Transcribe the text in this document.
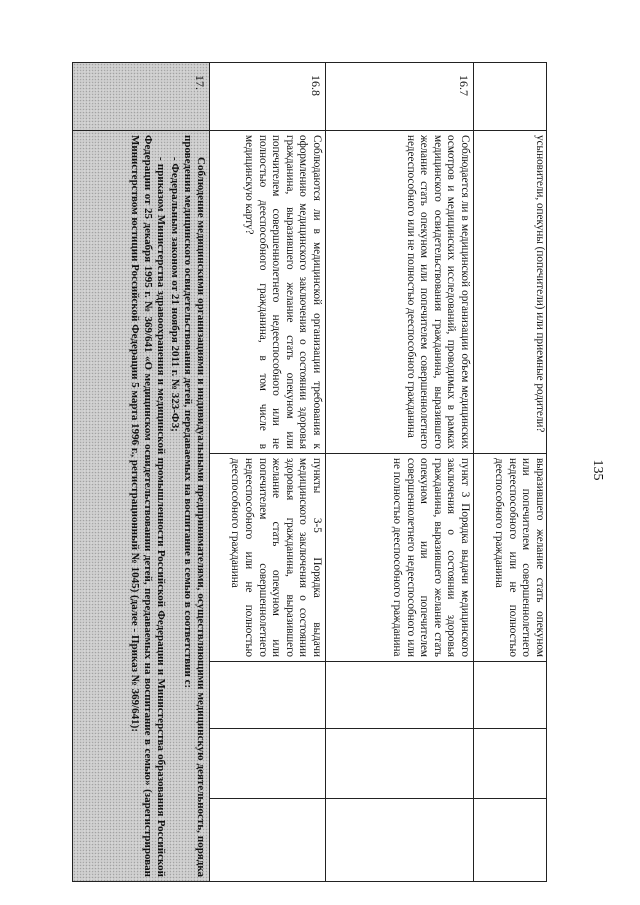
135
17.

Соблюдение медицинскими организациями и индивидуальными предпринимателями, осуществляющими медицинскую деятельность, порядка проведения медицинского освидетельствования детей, передаваемых на воспитание в семью в соответствии с:

- Федеральным законом от 21 ноября 2011 г. № 323-ФЗ;

- приказом Министерства здравоохранения и медицинской промышленности Российской Федерации и Министерства образования Российской Федерации от 25 декабря 1995 г. № 369/641 «О медицинском освидетельствовании детей, передаваемых на воспитание в семью» (зарегистрирован Министерством юстиции Российской Федерации 5 марта 1996 г., регистрационный № 1045) (далее - Приказ № 369/641):

16.8
Соблюдаются ли в медицинской организации требования к оформлению медицинского заключения о состоянии здоровья гражданина, выразившего желание стать опекуном или попечителем совершеннолетнего недееспособного или не полностью дееспособного гражданина, в том числе в медицинскую карту?
пункты 3-5 Порядка выдачи медицинского заключения о состоянии здоровья гражданина, выразившего желание стать опекуном или попечителем совершеннолетнего недееспособного или не полностью дееспособного гражданина
16.7
Соблюдается ли в медицинской организации объем медицинских осмотров и медицинских исследований, проводимых в рамках медицинского освидетельствования гражданина, выразившего желание стать опекуном или попечителем совершеннолетнего недееспособного или не полностью дееспособного гражданина
пункт 3 Порядка выдачи медицинского заключения о состоянии здоровья гражданина, выразившего желание стать опекуном или попечителем совершеннолетнего недееспособного или не полностью дееспособного гражданина
усыновители, опекуны (попечители) или приемные родители?
выразившего желание стать опекуном или попечителем совершеннолетнего недееспособного или не полностью дееспособного гражданина
